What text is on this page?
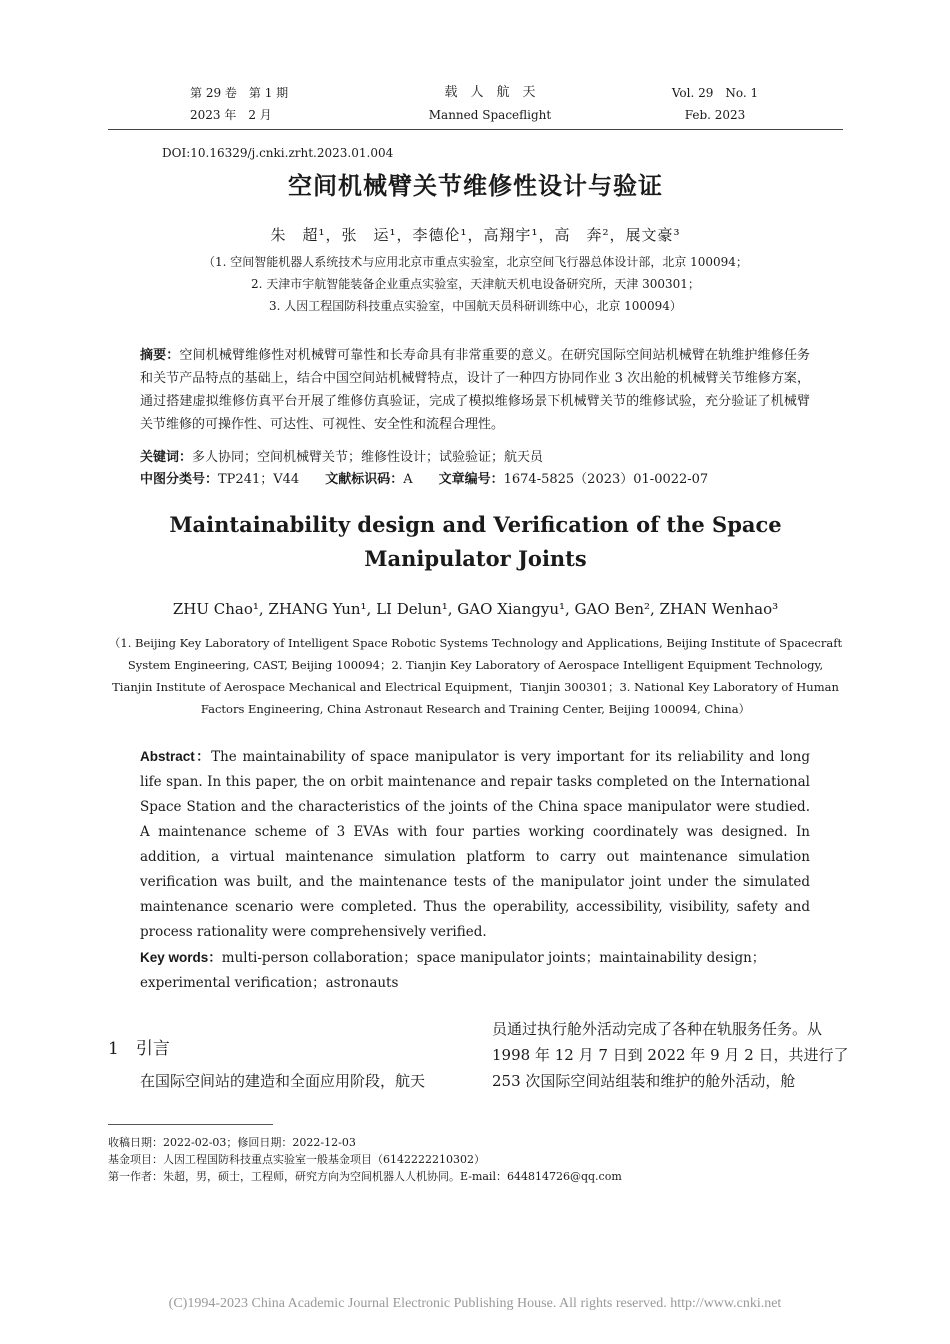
第 29 卷　第 1 期
2023 年　2 月
载　人　航　天
Manned Spaceflight
Vol. 29　No. 1
Feb. 2023
DOI:10.16329/j.cnki.zrht.2023.01.004
空间机械臂关节维修性设计与验证
朱　超¹，张　运¹，李德伦¹，高翔宇¹，高　奔²，展文豪³
（1. 空间智能机器人系统技术与应用北京市重点实验室，北京空间飞行器总体设计部，北京 100094；
2. 天津市宇航智能装备企业重点实验室，天津航天机电设备研究所，天津 300301；
3. 人因工程国防科技重点实验室，中国航天员科研训练中心，北京 100094）
摘要：空间机械臂维修性对机械臂可靠性和长寿命具有非常重要的意义。在研究国际空间站机械臂在轨维护维修任务和关节产品特点的基础上，结合中国空间站机械臂特点，设计了一种四方协同作业 3 次出舱的机械臂关节维修方案，通过搭建虚拟维修仿真平台开展了维修仿真验证，完成了模拟维修场景下机械臂关节的维修试验，充分验证了机械臂关节维修的可操作性、可达性、可视性、安全性和流程合理性。
关键词：多人协同；空间机械臂关节；维修性设计；试验验证；航天员
中图分类号：TP241；V44 文献标识码：A 文章编号：1674-5825（2023）01-0022-07
Maintainability design and Verification of the Space
Manipulator Joints
ZHU Chao¹, ZHANG Yun¹, LI Delun¹, GAO Xiangyu¹, GAO Ben², ZHAN Wenhao³
（1. Beijing Key Laboratory of Intelligent Space Robotic Systems Technology and Applications, Beijing Institute of Spacecraft System Engineering, CAST, Beijing 100094；2. Tianjin Key Laboratory of Aerospace Intelligent Equipment Technology, Tianjin Institute of Aerospace Mechanical and Electrical Equipment，Tianjin 300301；3. National Key Laboratory of Human Factors Engineering, China Astronaut Research and Training Center, Beijing 100094, China）
Abstract：The maintainability of space manipulator is very important for its reliability and long life span. In this paper, the on orbit maintenance and repair tasks completed on the International Space Station and the characteristics of the joints of the China space manipulator were studied. A maintenance scheme of 3 EVAs with four parties working coordinately was designed. In addition, a virtual maintenance simulation platform to carry out maintenance simulation verification was built, and the maintenance tests of the manipulator joint under the simulated maintenance scenario were completed. Thus the operability, accessibility, visibility, safety and process rationality were comprehensively verified.
Key words：multi-person collaboration；space manipulator joints；maintainability design；experimental verification；astronauts
1　引言
在国际空间站的建造和全面应用阶段，航天
员通过执行舱外活动完成了各种在轨服务任务。从 1998 年 12 月 7 日到 2022 年 9 月 2 日，共进行了 253 次国际空间站组装和维护的舱外活动，舱
收稿日期：2022-02-03；修回日期：2022-12-03
基金项目：人因工程国防科技重点实验室一般基金项目（6142222210302）
第一作者：朱超，男，硕士，工程师，研究方向为空间机器人人机协同。E-mail：644814726@qq.com
(C)1994-2023 China Academic Journal Electronic Publishing House. All rights reserved. http://www.cnki.net
